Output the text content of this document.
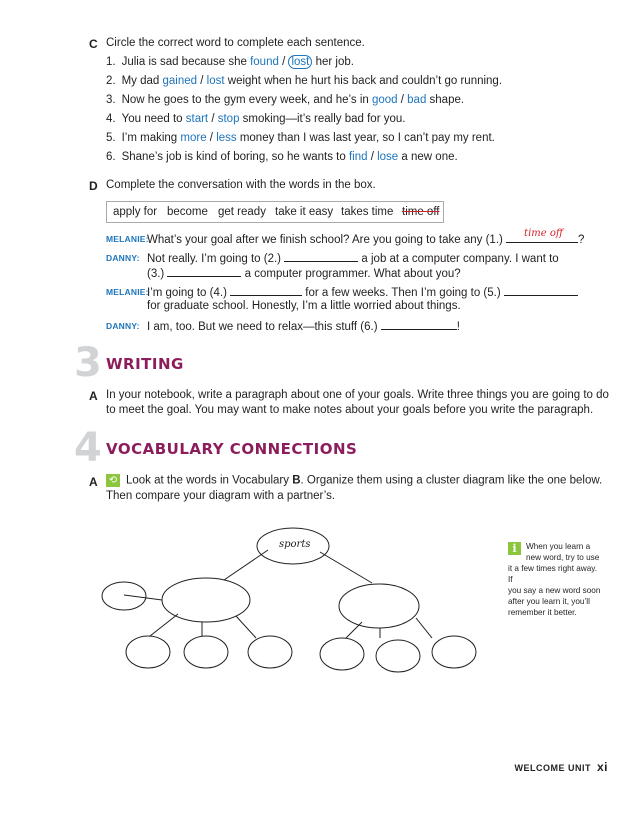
C Circle the correct word to complete each sentence.
1. Julia is sad because she found / lost her job.
2. My dad gained / lost weight when he hurt his back and couldn’t go running.
3. Now he goes to the gym every week, and he’s in good / bad shape.
4. You need to start / stop smoking—it’s really bad for you.
5. I’m making more / less money than I was last year, so I can’t pay my rent.
6. Shane’s job is kind of boring, so he wants to find / lose a new one.
D Complete the conversation with the words in the box.
apply for become get ready take it easy takes time time off
MELANIE:
What’s your goal after we finish school? Are you going to take any (1.)
time off
?
DANNY: Not really. I’m going to (2.)	a job at a computer company. I want to
(3.)	a computer programmer. What about you?
MELANIE:
I’m going to (4.)	for a few weeks. Then I’m going to (5.)
for graduate school. Honestly, I’m a little worried about things.
DANNY: I am, too. But we need to relax—this stuff (6.)	!
3 WRITING
A In your notebook, write a paragraph about one of your goals. Write three things you are going to do
to meet the goal. You may want to make notes about your goals before you write the paragraph.
4 VOCABULARY CONNECTIONS
A ⟲ Look at the words in Vocabulary B. Organize them using a cluster diagram like the one below.
Then compare your diagram with a partner’s.
sports	i	When you learn a
new word, try to use
it a few times right away. If
you say a new word soon
after you learn it, you’ll
remember it better.
WELCOME UNIT xi
